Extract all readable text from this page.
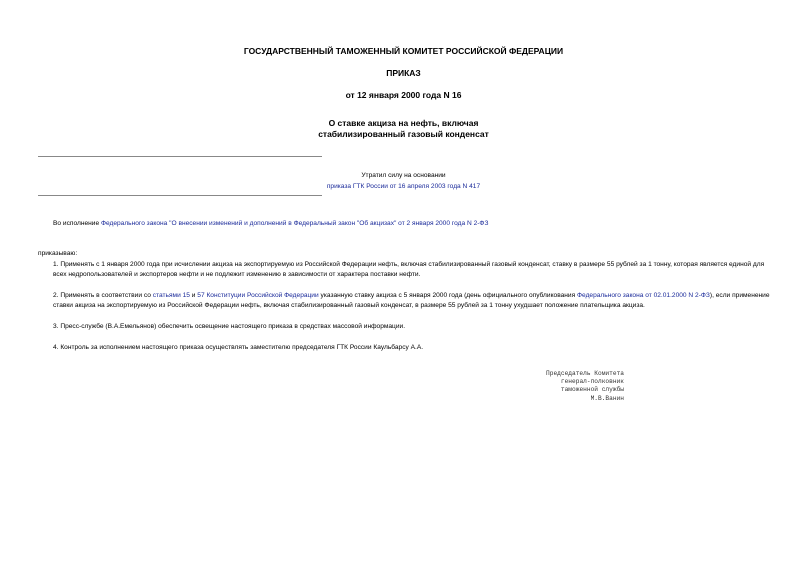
ГОСУДАРСТВЕННЫЙ ТАМОЖЕННЫЙ КОМИТЕТ РОССИЙСКОЙ ФЕДЕРАЦИИ
ПРИКАЗ
от 12 января 2000 года N 16
О ставке акциза на нефть, включая
стабилизированный газовый конденсат
Утратил силу на основании
приказа ГТК России от 16 апреля 2003 года N 417
Во исполнение Федерального закона "О внесении изменений и дополнений в Федеральный закон "Об акцизах" от 2 января 2000 года N 2-ФЗ
приказываю:
1. Применять с 1 января 2000 года при исчислении акциза на экспортируемую из Российской Федерации нефть, включая стабилизированный газовый конденсат, ставку в размере 55 рублей за 1 тонну, которая является единой для всех недропользователей и экспортеров нефти и не подлежит изменению в зависимости от характера поставки нефти.
2. Применять в соответствии со статьями 15 и 57 Конституции Российской Федерации указанную ставку акциза с 5 января 2000 года (день официального опубликования Федерального закона от 02.01.2000 N 2-ФЗ), если применение ставки акциза на экспортируемую из Российской Федерации нефть, включая стабилизированный газовый конденсат, в размере 55 рублей за 1 тонну ухудшает положение плательщика акциза.
3. Пресс-службе (В.А.Емельянов) обеспечить освещение настоящего приказа в средствах массовой информации.
4. Контроль за исполнением настоящего приказа осуществлять заместителю председателя ГТК России Каульбарсу А.А.
Председатель Комитета
генерал-полковник
таможенной службы
М.В.Ванин
